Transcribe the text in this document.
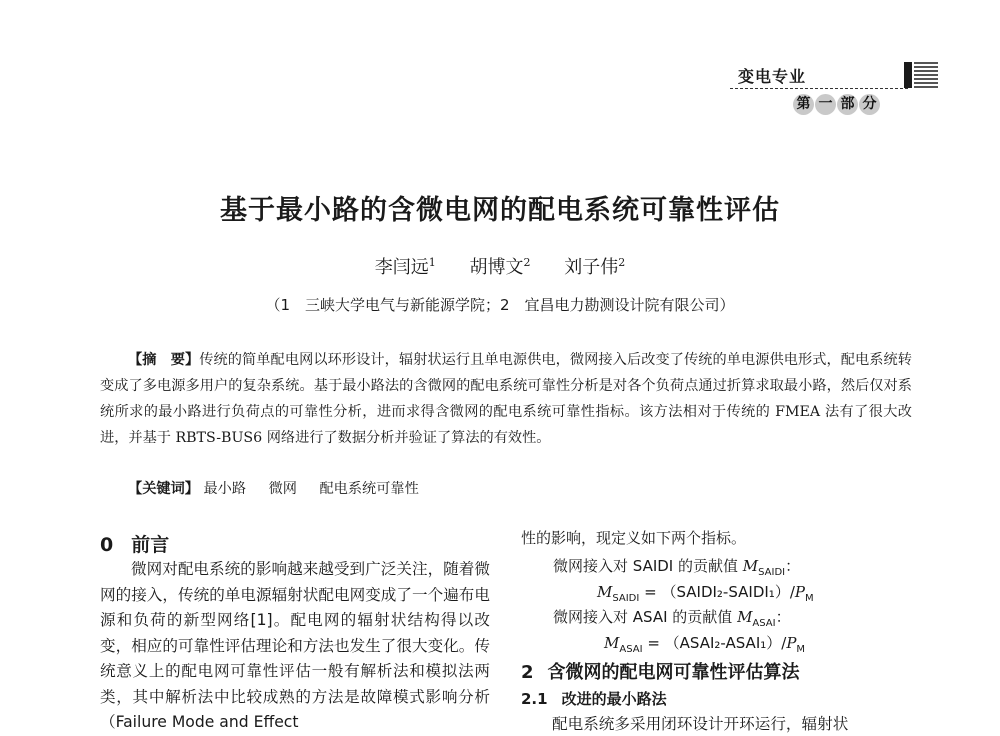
变电专业
第 一 部 分
基于最小路的含微电网的配电系统可靠性评估
李闫远$^1$ 胡博文$^2$ 刘子伟$^2$
（1　三峡大学电气与新能源学院；2　宜昌电力勘测设计院有限公司）
【摘　要】传统的简单配电网以环形设计，辐射状运行且单电源供电，微网接入后改变了传统的单电源供电形式，配电系统转变成了多电源多用户的复杂系统。基于最小路法的含微网的配电系统可靠性分析是对各个负荷点通过折算求取最小路，然后仅对系统所求的最小路进行负荷点的可靠性分析，进而求得含微网的配电系统可靠性指标。该方法相对于传统的 FMEA 法有了很大改进，并基于 RBTS-BUS6 网络进行了数据分析并验证了算法的有效性。
【关键词】 最小路 微网 配电系统可靠性
0 前言
微网对配电系统的影响越来越受到广泛关注，随着微网的接入，传统的单电源辐射状配电网变成了一个遍布电源和负荷的新型网络[1]。配电网的辐射状结构得以改变，相应的可靠性评估理论和方法也发生了很大变化。传统意义上的配电网可靠性评估一般有解析法和模拟法两类，其中解析法中比较成熟的方法是故障模式影响分析（Failure Mode and Effect
性的影响，现定义如下两个指标。
微网接入对 SAIDI 的贡献值 $M_{SAIDI}$：
$M_{SAIDI}$ = $(SAIDI_2-SAIDI_1)/P_M$
微网接入对 ASAI 的贡献值 $M_{ASAI}$：
$M_{ASAI}$ = $(ASAI_2-ASAI_1)/P_M$
2 含微网的配电网可靠性评估算法
2.1 改进的最小路法
配电系统多采用闭环设计开环运行，辐射状
